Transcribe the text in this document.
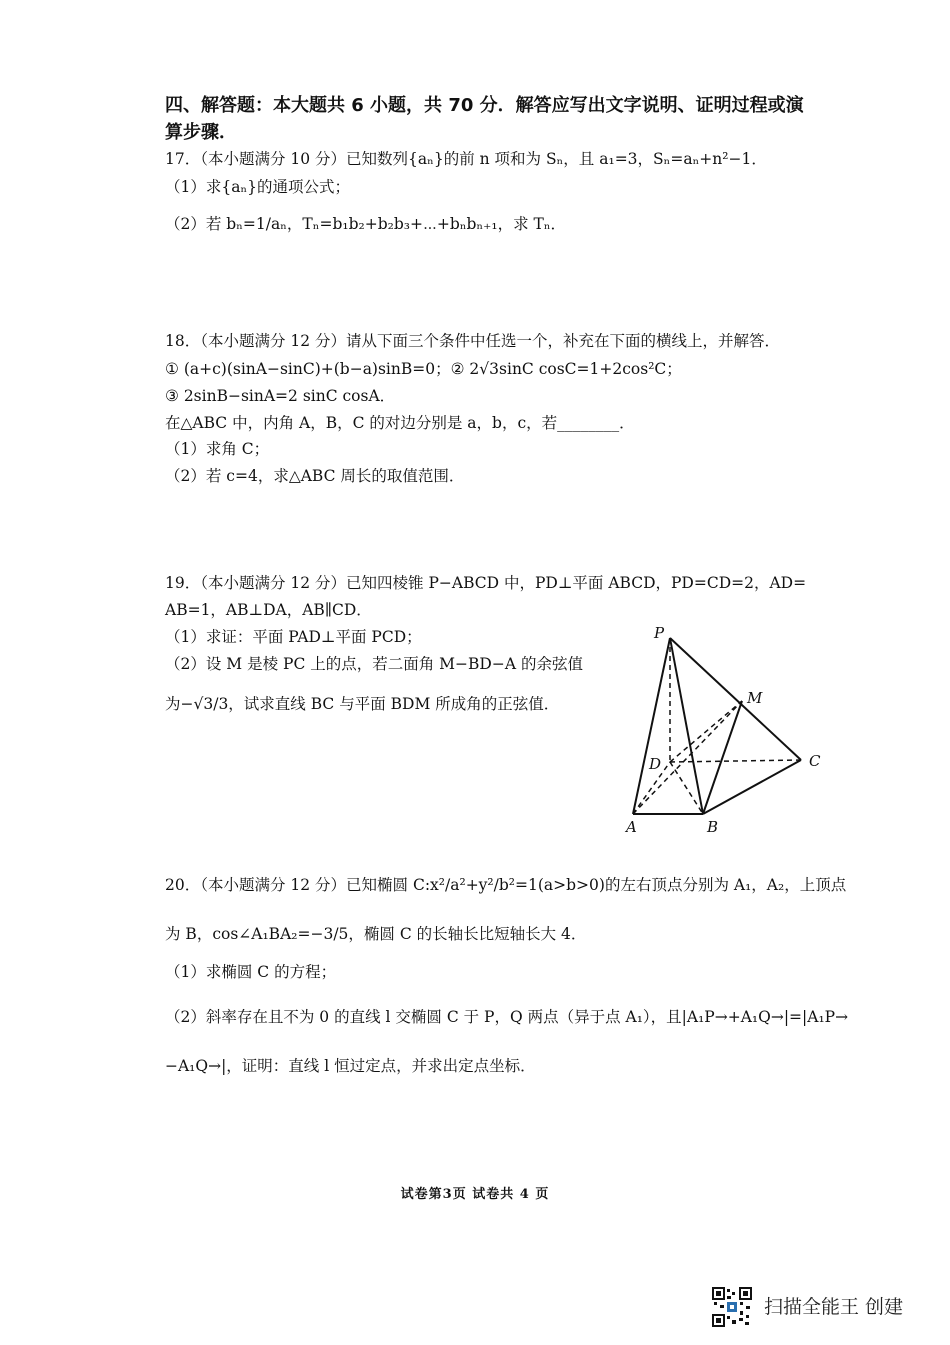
四、解答题：本大题共 6 小题，共 70 分．解答应写出文字说明、证明过程或演
算步骤．
17．（本小题满分 10 分）已知数列{aₙ}的前 n 项和为 Sₙ，且 a₁=3，Sₙ=aₙ+n²−1．
（1）求{aₙ}的通项公式；
（2）若 bₙ=1/aₙ，Tₙ=b₁b₂+b₂b₃+⋯+bₙbₙ₊₁，求 Tₙ．
18．（本小题满分 12 分）请从下面三个条件中任选一个，补充在下面的横线上，并解答．
① (a+c)(sinA−sinC)+(b−a)sinB=0；② 2√3sinC cosC=1+2cos²C；
③ 2sinB−sinA=2 sinC cosA．
在△ABC 中，内角 A，B，C 的对边分别是 a，b，c，若________．
（1）求角 C；
（2）若 c=4，求△ABC 周长的取值范围．
19．（本小题满分 12 分）已知四棱锥 P−ABCD 中，PD⊥平面 ABCD，PD=CD=2，AD=
AB=1，AB⊥DA，AB∥CD．
（1）求证：平面 PAD⊥平面 PCD；
（2）设 M 是棱 PC 上的点，若二面角 M−BD−A 的余弦值
为−√3/3，试求直线 BC 与平面 BDM 所成角的正弦值．
P
M
D	C
A	B
20．（本小题满分 12 分）已知椭圆 C:x²/a²+y²/b²=1(a>b>0)的左右顶点分别为 A₁，A₂，上顶点
为 B，cos∠A₁BA₂=−3/5，椭圆 C 的长轴长比短轴长大 4．
（1）求椭圆 C 的方程；
（2）斜率存在且不为 0 的直线 l 交椭圆 C 于 P，Q 两点（异于点 A₁），且|A₁P→+A₁Q→|=|A₁P→
−A₁Q→|，证明：直线 l 恒过定点，并求出定点坐标．
试卷第3页 试卷共 4 页
扫描全能王 创建
